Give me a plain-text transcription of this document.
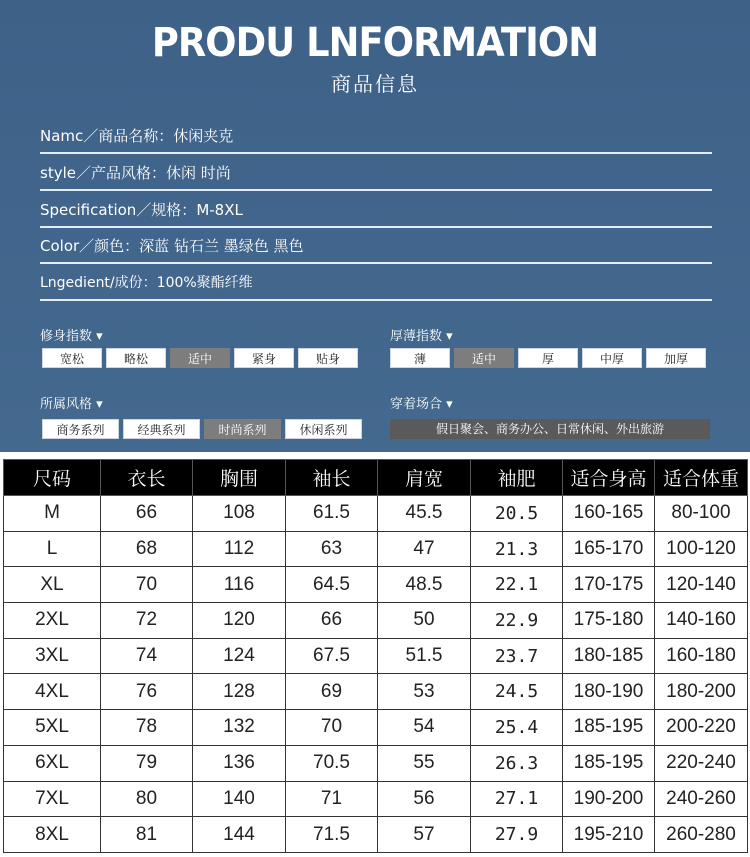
PRODU LNFORMATION
商品信息
Namc／商品名称：休闲夹克
style／产品风格：休闲 时尚
Specification／规格：M-8XL
Color／颜色：深蓝 钻石兰 墨绿色 黑色
Lngedient/成份：100%聚酯纤维
修身指数 ▾
宽松	略松	适中	紧身	贴身
厚薄指数 ▾
薄	适中	厚	中厚	加厚
所属风格 ▾
商务系列	经典系列	时尚系列	休闲系列
穿着场合 ▾
假日聚会、商务办公、日常休闲、外出旅游
尺码	衣长	胸围	袖长	肩宽	袖肥	适合身高	适合体重
M	66	108	61.5	45.5	20.5	160-165	80-100
L	68	112	63	47	21.3	165-170	100-120
XL	70	116	64.5	48.5	22.1	170-175	120-140
2XL	72	120	66	50	22.9	175-180	140-160
3XL	74	124	67.5	51.5	23.7	180-185	160-180
4XL	76	128	69	53	24.5	180-190	180-200
5XL	78	132	70	54	25.4	185-195	200-220
6XL	79	136	70.5	55	26.3	185-195	220-240
7XL	80	140	71	56	27.1	190-200	240-260
8XL	81	144	71.5	57	27.9	195-210	260-280
